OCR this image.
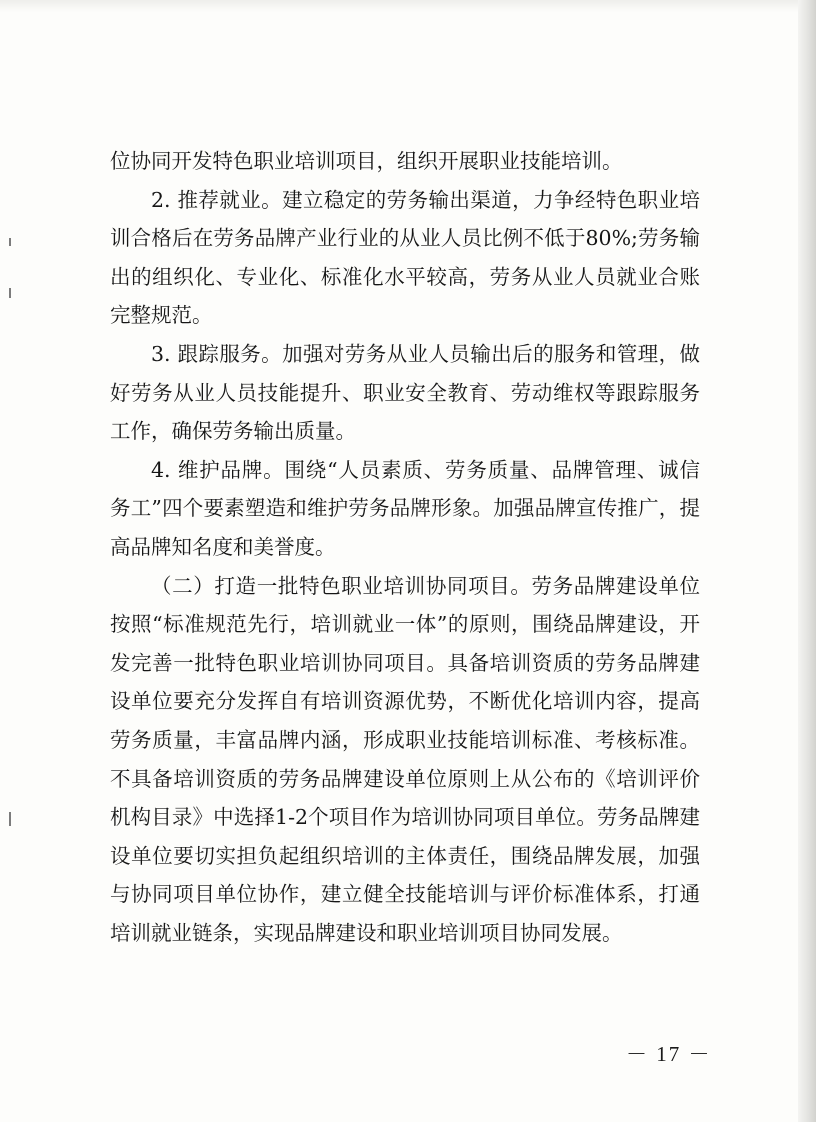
位协同开发特色职业培训项目，组织开展职业技能培训。

2. 推荐就业。建立稳定的劳务输出渠道，力争经特色职业培训合格后在劳务品牌产业行业的从业人员比例不低于80%;劳务输出的组织化、专业化、标准化水平较高，劳务从业人员就业合账完整规范。

3. 跟踪服务。加强对劳务从业人员输出后的服务和管理，做好劳务从业人员技能提升、职业安全教育、劳动维权等跟踪服务工作，确保劳务输出质量。

4. 维护品牌。围绕“人员素质、劳务质量、品牌管理、诚信务工”四个要素塑造和维护劳务品牌形象。加强品牌宣传推广，提高品牌知名度和美誉度。

（二）打造一批特色职业培训协同项目。劳务品牌建设单位按照“标准规范先行，培训就业一体”的原则，围绕品牌建设，开发完善一批特色职业培训协同项目。具备培训资质的劳务品牌建设单位要充分发挥自有培训资源优势，不断优化培训内容，提高劳务质量，丰富品牌内涵，形成职业技能培训标准、考核标准。不具备培训资质的劳务品牌建设单位原则上从公布的《培训评价机构目录》中选择1-2个项目作为培训协同项目单位。劳务品牌建设单位要切实担负起组织培训的主体责任，围绕品牌发展，加强与协同项目单位协作，建立健全技能培训与评价标准体系，打通培训就业链条，实现品牌建设和职业培训项目协同发展。

－ 17 －
